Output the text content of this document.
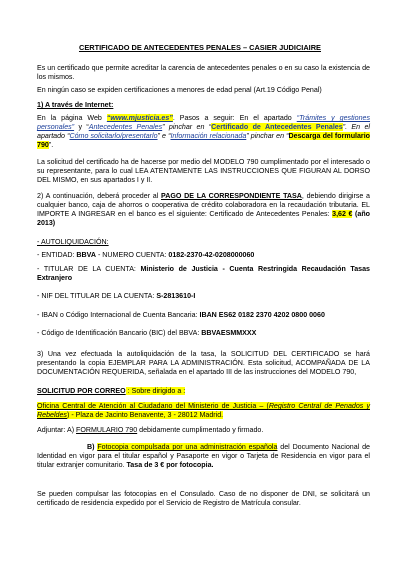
CERTIFICADO DE ANTECEDENTES PENALES – CASIER JUDICIAIRE
Es un certificado que permite acreditar la carencia de antecedentes penales o en su caso la existencia de los mismos.
En ningún caso se expiden certificaciones a menores de edad penal (Art.19 Código Penal)
1) A través de Internet:
En la página Web “www.mjusticia.es”. Pasos a seguir: En el apartado “Trámites y gestiones personales” y “Antecedentes Penales” pinchar en “Certificado de Antecedentes Penales”. En el apartado “Cómo solicitarlo/presentarlo” e “Información relacionada” pinchar en “Descarga del formulario 790”.
La solicitud del certificado ha de hacerse por medio del MODELO 790 cumplimentado por el interesado o su representante, para lo cual LEA ATENTAMENTE LAS INSTRUCCIONES QUE FIGURAN AL DORSO DEL MISMO, en sus apartados I y II.
2) A continuación, deberá proceder al PAGO DE LA CORRESPONDIENTE TASA, debiendo dirigirse a cualquier banco, caja de ahorros o cooperativa de crédito colaboradora en la recaudación tributaria. EL IMPORTE A INGRESAR en el banco es el siguiente: Certificado de Antecedentes Penales: 3,62 € (año 2013)
- AUTOLIQUIDACIÓN:
- ENTIDAD: BBVA - NUMERO CUENTA: 0182-2370-42-0208000060
- TITULAR DE LA CUENTA: Ministerio de Justicia - Cuenta Restringida Recaudación Tasas Extranjero
- NIF DEL TITULAR DE LA CUENTA: S-2813610-I
- IBAN o Código Internacional de Cuenta Bancaria: IBAN ES62 0182 2370 4202 0800 0060
- Código de Identificación Bancario (BIC) del BBVA: BBVAESMMXXX
3) Una vez efectuada la autoliquidación de la tasa, la SOLICITUD DEL CERTIFICADO se hará presentando la copia EJEMPLAR PARA LA ADMINISTRACIÓN. Esta solicitud, ACOMPAÑADA DE LA DOCUMENTACIÓN REQUERIDA, señalada en el apartado III de las instrucciones del MODELO 790,
SOLICITUD POR CORREO : Sobre dirigido a :
Oficina Central de Atención al Ciudadano del Ministerio de Justicia – (Registro Central de Penados y Rebeldes) - Plaza de Jacinto Benavente, 3 - 28012 Madrid.
Adjuntar: A) FORMULARIO 790 debidamente cumplimentado y firmado.
B) Fotocopia compulsada por una administración española del Documento Nacional de Identidad en vigor para el titular español y Pasaporte en vigor o Tarjeta de Residencia en vigor para el titular extranjer comunitario. Tasa de 3 € por fotocopia.
Se pueden compulsar las fotocopias en el Consulado. Caso de no disponer de DNI, se solicitará un certificado de residencia expedido por el Servicio de Registro de Matrícula consular.
